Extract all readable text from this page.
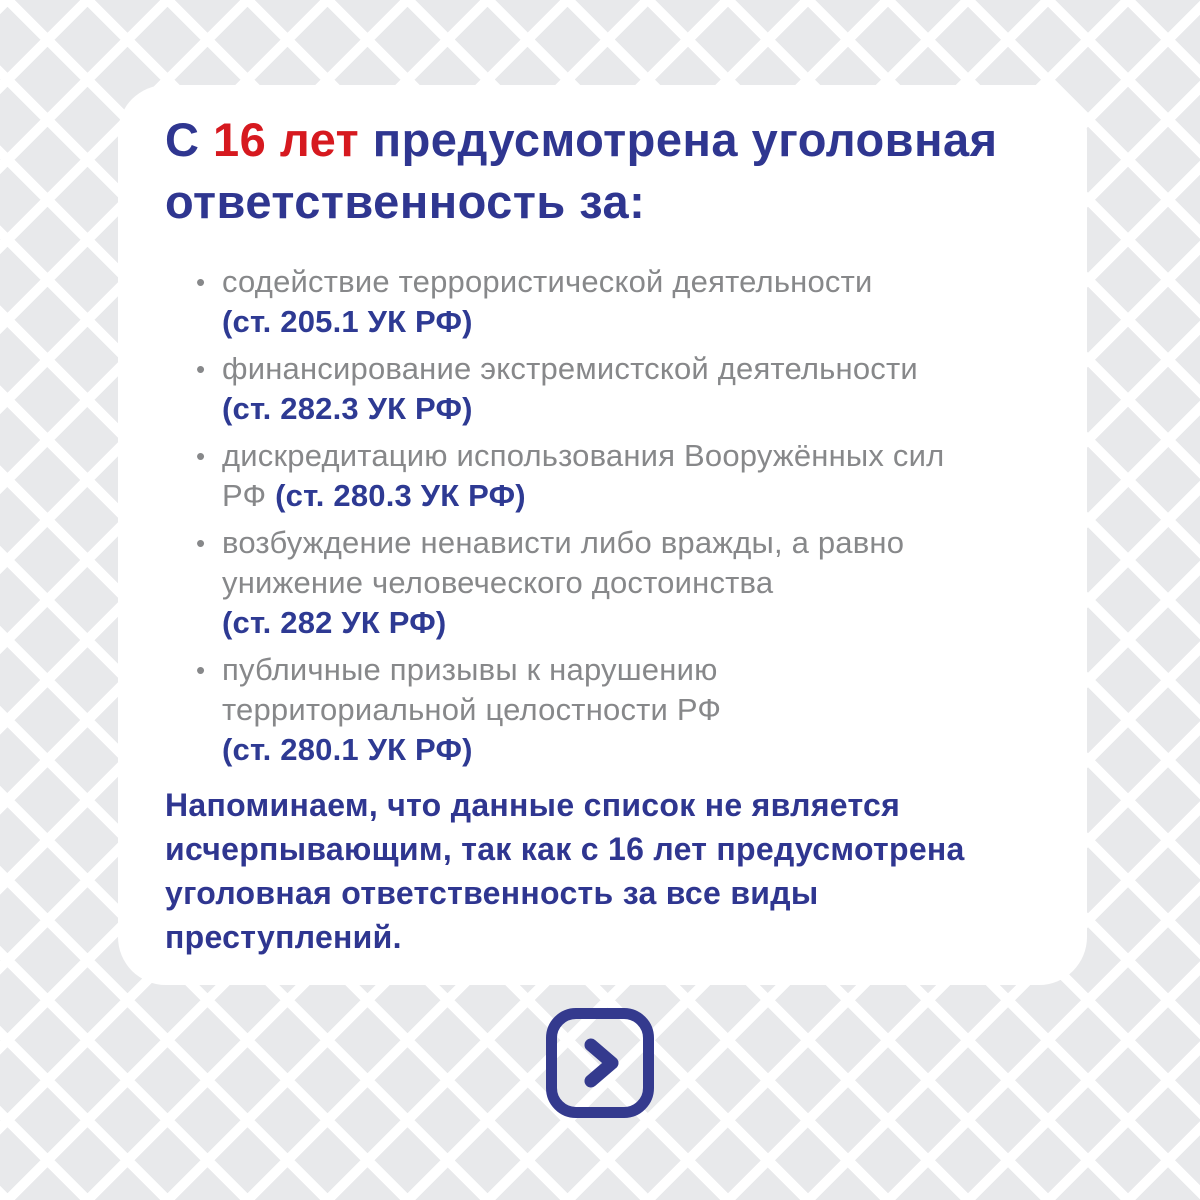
С 16 лет предусмотрена уголовная
ответственность за:
• содействие террористической деятельности
(ст. 205.1 УК РФ)
• финансирование экстремистской деятельности
(ст. 282.3 УК РФ)
• дискредитацию использования Вооружённых сил
РФ (ст. 280.3 УК РФ)
• возбуждение ненависти либо вражды, а равно
унижение человеческого достоинства
(ст. 282 УК РФ)
• публичные призывы к нарушению
территориальной целостности РФ
(ст. 280.1 УК РФ)

Напоминаем, что данные список не является
исчерпывающим, так как с 16 лет предусмотрена
уголовная ответственность за все виды
преступлений.
